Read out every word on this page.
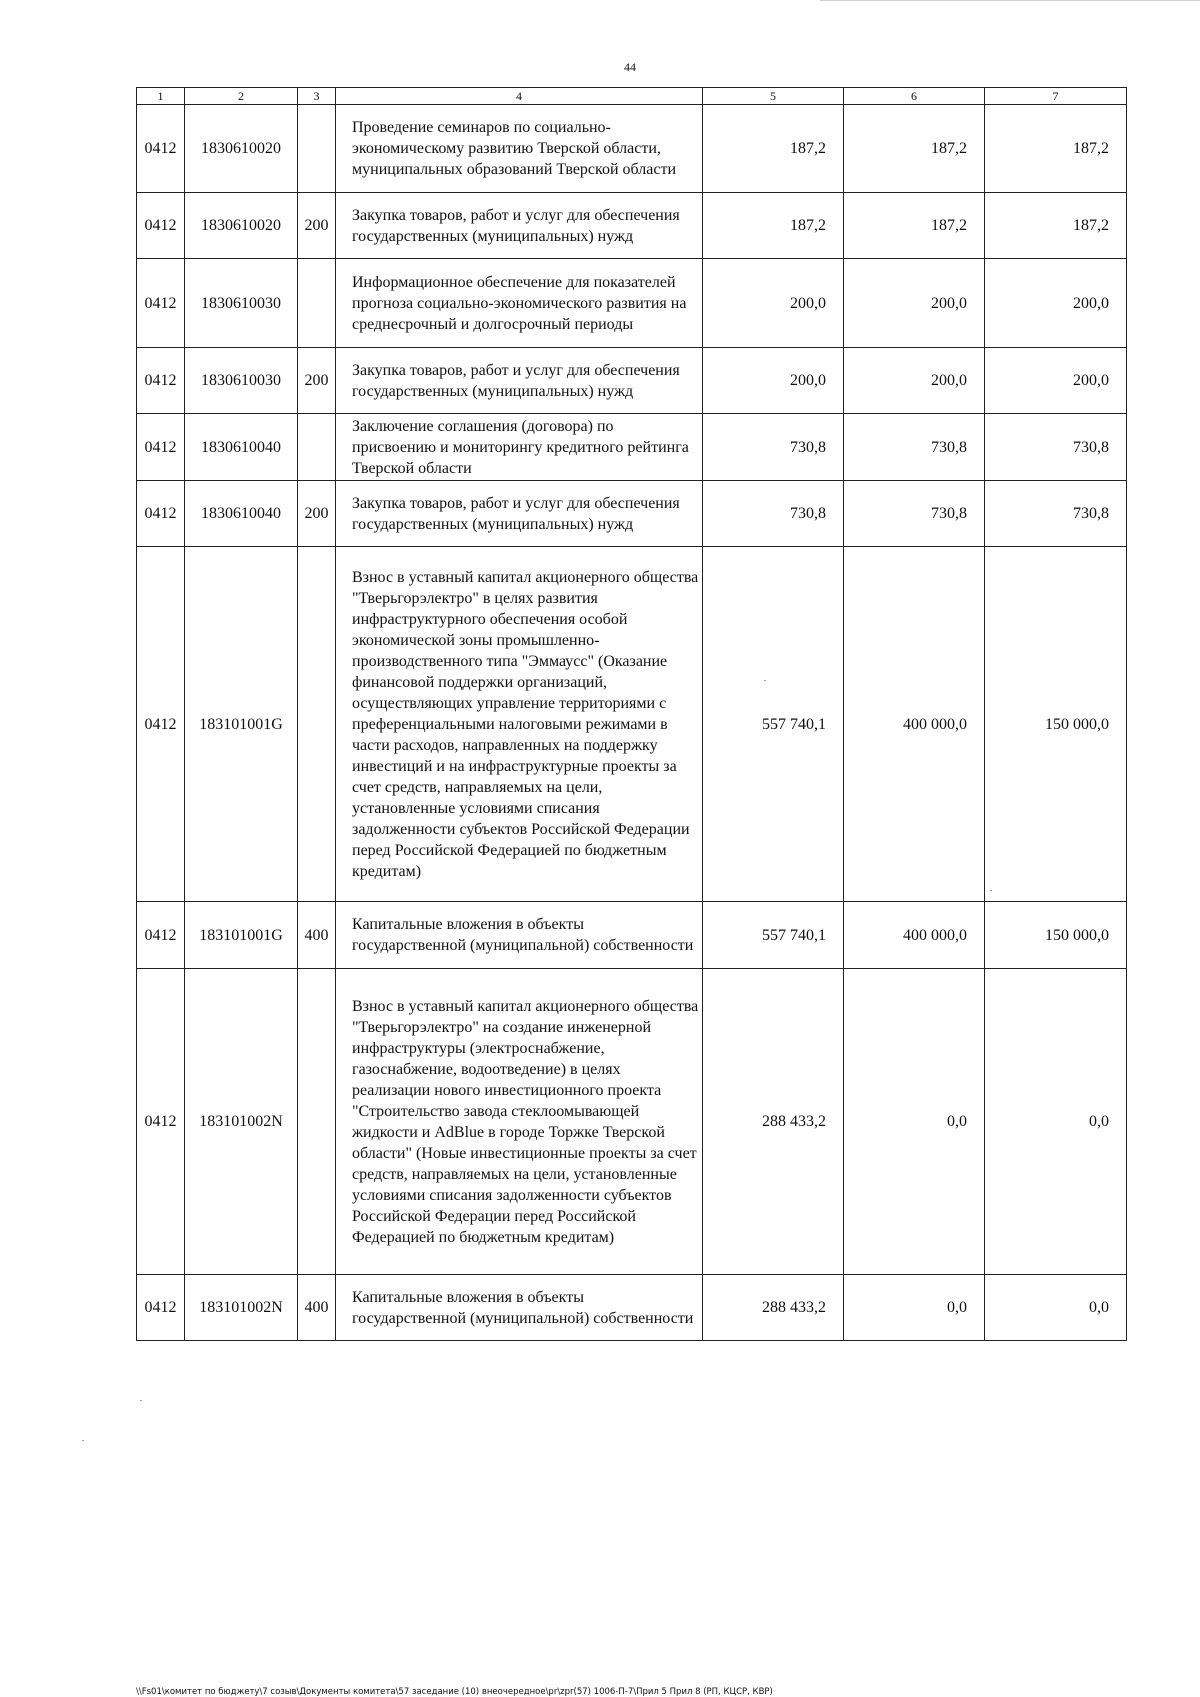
44
1	2	3	4	5	6	7
0412	1830610020		Проведение семинаров по социально-экономическому развитию Тверской области, муниципальных образований Тверской области	187,2	187,2	187,2
0412	1830610020	200	Закупка товаров, работ и услуг для обеспечения государственных (муниципальных) нужд	187,2	187,2	187,2
0412	1830610030		Информационное обеспечение для показателей прогноза социально-экономического развития на среднесрочный и долгосрочный периоды	200,0	200,0	200,0
0412	1830610030	200	Закупка товаров, работ и услуг для обеспечения государственных (муниципальных) нужд	200,0	200,0	200,0
0412	1830610040		Заключение соглашения (договора) по присвоению и мониторингу кредитного рейтинга Тверской области	730,8	730,8	730,8
0412	1830610040	200	Закупка товаров, работ и услуг для обеспечения государственных (муниципальных) нужд	730,8	730,8	730,8
0412	183101001G		Взнос в уставный капитал акционерного общества "Тверьгорэлектро" в целях развития инфраструктурного обеспечения особой экономической зоны промышленно-производственного типа "Эммаусс" (Оказание финансовой поддержки организаций, осуществляющих управление территориями с преференциальными налоговыми режимами в части расходов, направленных на поддержку инвестиций и на инфраструктурные проекты за счет средств, направляемых на цели, установленные условиями списания задолженности субъектов Российской Федерации перед Российской Федерацией по бюджетным кредитам)	557 740,1	400 000,0	150 000,0
0412	183101001G	400	Капитальные вложения в объекты государственной (муниципальной) собственности	557 740,1	400 000,0	150 000,0
0412	183101002N		Взнос в уставный капитал акционерного общества "Тверьгорэлектро" на создание инженерной инфраструктуры (электроснабжение, газоснабжение, водоотведение) в целях реализации нового инвестиционного проекта "Строительство завода стеклоомывающей жидкости и AdBlue в городе Торжке Тверской области" (Новые инвестиционные проекты за счет средств, направляемых на цели, установленные условиями списания задолженности субъектов Российской Федерации перед Российской Федерацией по бюджетным кредитам)	288 433,2	0,0	0,0
0412	183101002N	400	Капитальные вложения в объекты государственной (муниципальной) собственности	288 433,2	0,0	0,0
\\Fs01\комитет по бюджету\7 созыв\Документы комитета\57 заседание (10) внеочередное\pr\zpr(57) 1006-П-7\Прил 5 Прил 8 (РП, КЦСР, КВР)
